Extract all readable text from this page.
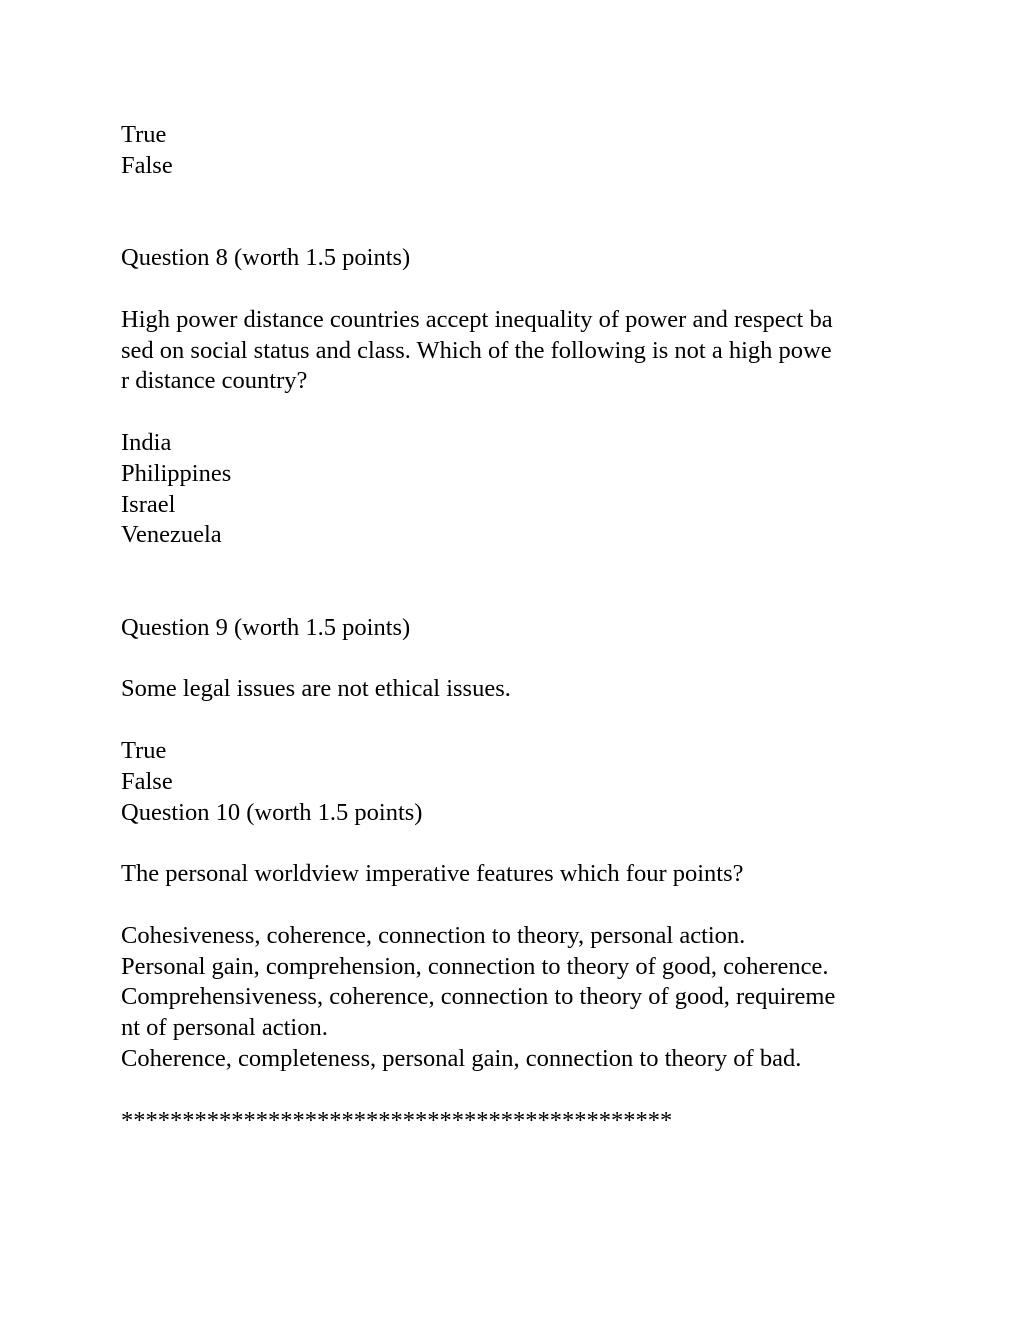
True
False
Question 8 (worth 1.5 points)
High power distance countries accept inequality of power and respect ba
sed on social status and class. Which of the following is not a high powe
r distance country?
India
Philippines
Israel
Venezuela
Question 9 (worth 1.5 points)
Some legal issues are not ethical issues.
True
False
Question 10 (worth 1.5 points)
The personal worldview imperative features which four points?
Cohesiveness, coherence, connection to theory, personal action.
Personal gain, comprehension, connection to theory of good, coherence.
Comprehensiveness, coherence, connection to theory of good, requireme
nt of personal action.
Coherence, completeness, personal gain, connection to theory of bad.
*********************************************
